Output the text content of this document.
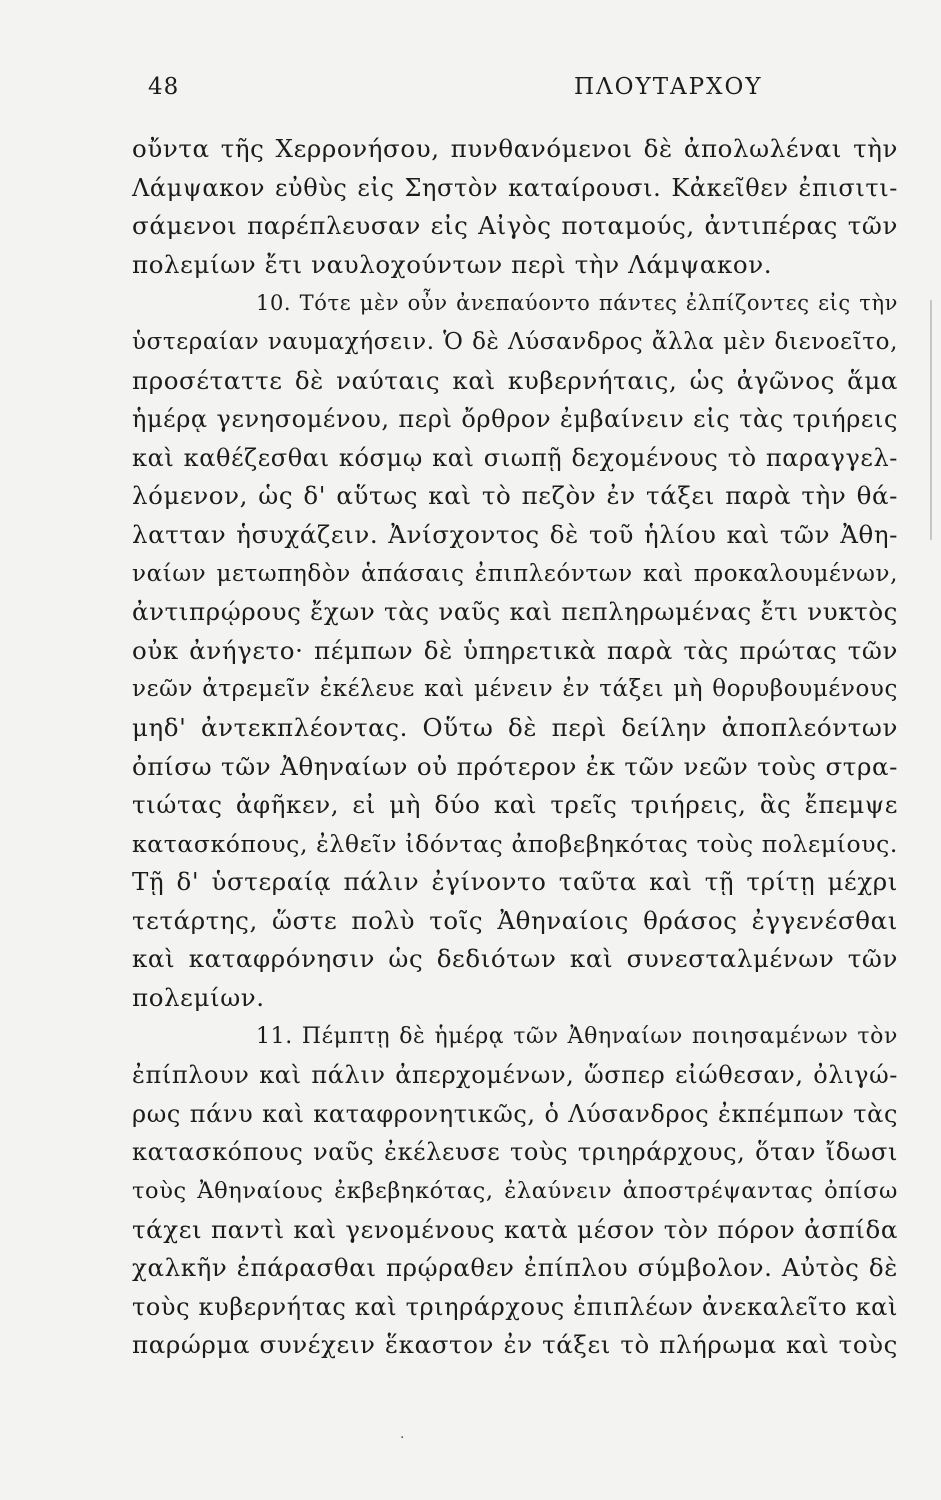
48	ΠΛΟΥΤΑΡΧΟΥ
οὔντα τῆς Χερρονήσου, πυνθανόμενοι δὲ ἀπολωλέναι τὴν
Λάμψακον εὐθὺς εἰς Σηστὸν καταίρουσι. Κἀκεῖθεν ἐπισιτι-
σάμενοι παρέπλευσαν εἰς Αἰγὸς ποταμούς, ἀντιπέρας τῶν
πολεμίων ἔτι ναυλοχούντων περὶ τὴν Λάμψακον.
10. Τότε μὲν οὖν ἀνεπαύοντο πάντες ἐλπίζοντες εἰς τὴν
ὑστεραίαν ναυμαχήσειν. Ὁ δὲ Λύσανδρος ἄλλα μὲν διενοεῖτο,
προσέταττε δὲ ναύταις καὶ κυβερνήταις, ὡς ἀγῶνος ἅμα
ἡμέρᾳ γενησομένου, περὶ ὄρθρον ἐμβαίνειν εἰς τὰς τριήρεις
καὶ καθέζεσθαι κόσμῳ καὶ σιωπῇ δεχομένους τὸ παραγγελ-
λόμενον, ὡς δ' αὕτως καὶ τὸ πεζὸν ἐν τάξει παρὰ τὴν θά-
λατταν ἡσυχάζειν. Ἀνίσχοντος δὲ τοῦ ἡλίου καὶ τῶν Ἀθη-
ναίων μετωπηδὸν ἁπάσαις ἐπιπλεόντων καὶ προκαλουμένων,
ἀντιπρῴρους ἔχων τὰς ναῦς καὶ πεπληρωμένας ἔτι νυκτὸς
οὐκ ἀνήγετο· πέμπων δὲ ὑπηρετικὰ παρὰ τὰς πρώτας τῶν
νεῶν ἀτρεμεῖν ἐκέλευε καὶ μένειν ἐν τάξει μὴ θορυβουμένους
μηδ' ἀντεκπλέοντας. Οὕτω δὲ περὶ δείλην ἀποπλεόντων
ὀπίσω τῶν Ἀθηναίων οὐ πρότερον ἐκ τῶν νεῶν τοὺς στρα-
τιώτας ἀφῆκεν, εἰ μὴ δύο καὶ τρεῖς τριήρεις, ἃς ἔπεμψε
κατασκόπους, ἐλθεῖν ἰδόντας ἀποβεβηκότας τοὺς πολεμίους.
Τῇ δ' ὑστεραίᾳ πάλιν ἐγίνοντο ταῦτα καὶ τῇ τρίτῃ μέχρι
τετάρτης, ὥστε πολὺ τοῖς Ἀθηναίοις θράσος ἐγγενέσθαι
καὶ καταφρόνησιν ὡς δεδιότων καὶ συνεσταλμένων τῶν
πολεμίων.
11. Πέμπτῃ δὲ ἡμέρᾳ τῶν Ἀθηναίων ποιησαμένων τὸν
ἐπίπλουν καὶ πάλιν ἀπερχομένων, ὥσπερ εἰώθεσαν, ὀλιγώ-
ρως πάνυ καὶ καταφρονητικῶς, ὁ Λύσανδρος ἐκπέμπων τὰς
κατασκόπους ναῦς ἐκέλευσε τοὺς τριηράρχους, ὅταν ἴδωσι
τοὺς Ἀθηναίους ἐκβεβηκότας, ἐλαύνειν ἀποστρέψαντας ὀπίσω
τάχει παντὶ καὶ γενομένους κατὰ μέσον τὸν πόρον ἀσπίδα
χαλκῆν ἐπάρασθαι πρῴραθεν ἐπίπλου σύμβολον. Αὐτὸς δὲ
τοὺς κυβερνήτας καὶ τριηράρχους ἐπιπλέων ἀνεκαλεῖτο καὶ
παρώρμα συνέχειν ἕκαστον ἐν τάξει τὸ πλήρωμα καὶ τοὺς
·
